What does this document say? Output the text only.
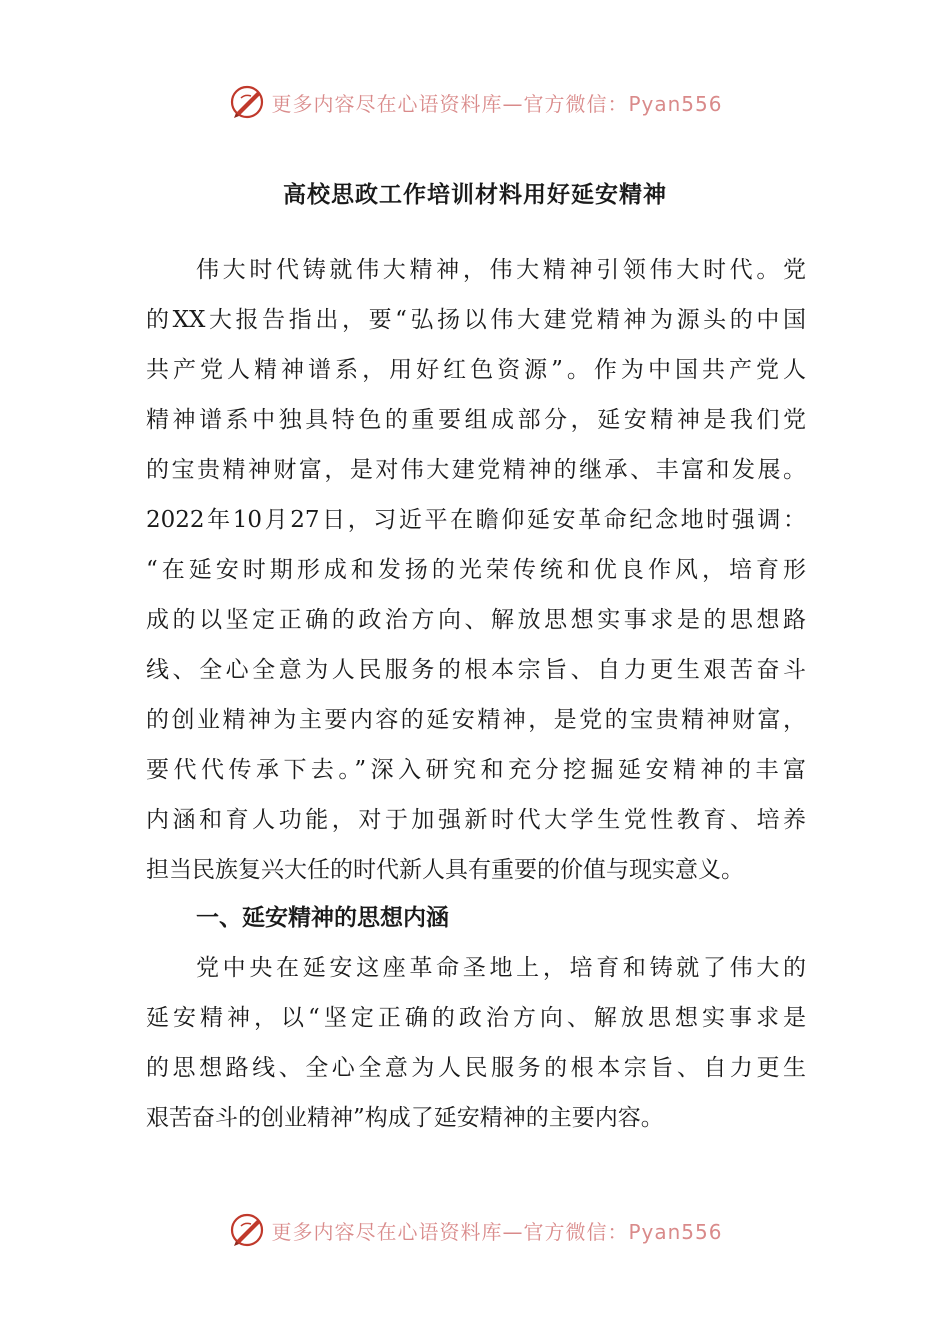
更多内容尽在心语资料库—官方微信：Pyan556
高校思政工作培训材料用好延安精神
伟大时代铸就伟大精神，伟大精神引领伟大时代。党
的XX大报告指出，要“弘扬以伟大建党精神为源头的中国
共产党人精神谱系，用好红色资源”。作为中国共产党人
精神谱系中独具特色的重要组成部分，延安精神是我们党
的宝贵精神财富，是对伟大建党精神的继承、丰富和发展。
2022年10月27日，习近平在瞻仰延安革命纪念地时强调：
“在延安时期形成和发扬的光荣传统和优良作风，培育形
成的以坚定正确的政治方向、解放思想实事求是的思想路
线、全心全意为人民服务的根本宗旨、自力更生艰苦奋斗
的创业精神为主要内容的延安精神，是党的宝贵精神财富，
要代代传承下去。”深入研究和充分挖掘延安精神的丰富
内涵和育人功能，对于加强新时代大学生党性教育、培养
担当民族复兴大任的时代新人具有重要的价值与现实意义。
一、延安精神的思想内涵
党中央在延安这座革命圣地上，培育和铸就了伟大的
延安精神，以“坚定正确的政治方向、解放思想实事求是
的思想路线、全心全意为人民服务的根本宗旨、自力更生
艰苦奋斗的创业精神”构成了延安精神的主要内容。
更多内容尽在心语资料库—官方微信：Pyan556
